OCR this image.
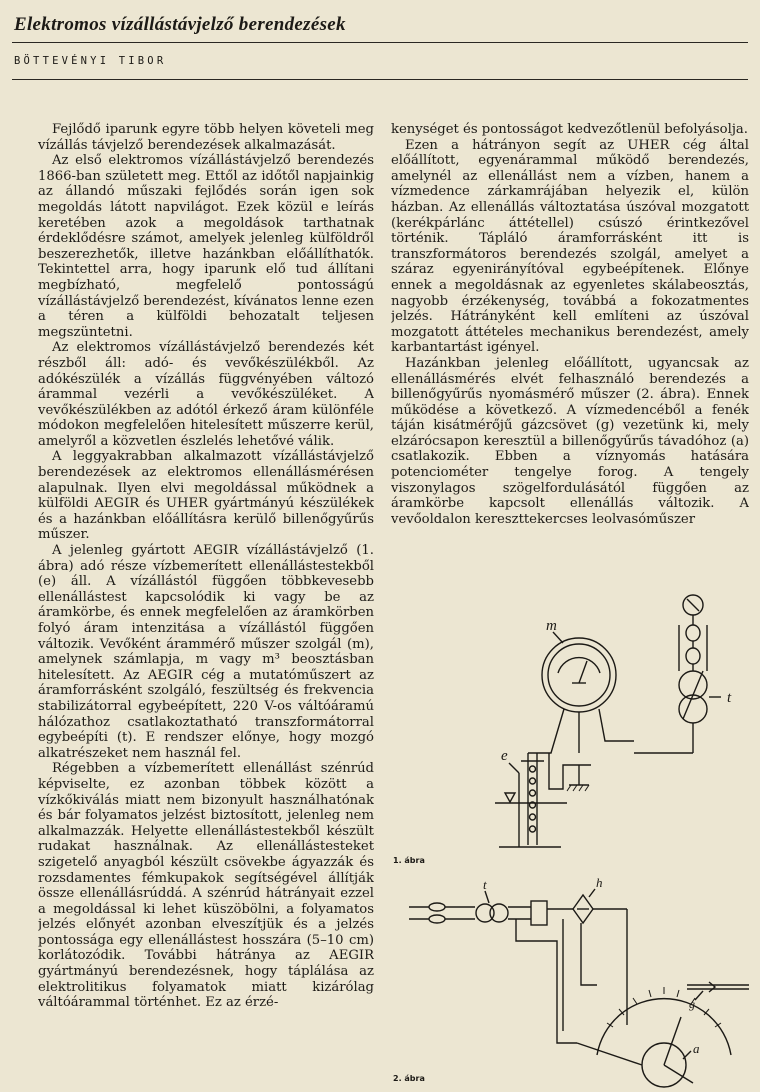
Elektromos vízállástávjelző berendezések
BÖTTEVÉNYI TIBOR

Fejlődő iparunk egyre több helyen követeli meg vízállás távjelző berendezések alkalmazását.

Az első elektromos vízállástávjelző berendezés 1866-ban született meg. Ettől az időtől napjainkig az állandó műszaki fejlődés során igen sok megoldás látott napvilágot. Ezek közül e leírás keretében azok a megoldások tarthatnak érdeklődésre számot, amelyek jelenleg külföldről beszerezhetők, illetve hazánkban előállíthatók. Tekintettel arra, hogy iparunk elő tud állítani megbízható, megfelelő pontosságú vízállástávjelző berendezést, kívánatos lenne ezen a téren a külföldi behozatalt teljesen megszüntetni.

Az elektromos vízállástávjelző berendezés két részből áll: adó- és vevőkészülékből. Az adókészülék a vízállás függvényében változó árammal vezérli a vevőkészüléket. A vevőkészülékben az adótól érkező áram különféle módokon megfelelően hitelesített műszerre kerül, amelyről a közvetlen észlelés lehetővé válik.

A leggyakrabban alkalmazott vízállástávjelző berendezések az elektromos ellenállásmérésen alapulnak. Ilyen elvi megoldással működnek a külföldi AEGIR és UHER gyártmányú készülékek és a hazánkban előállításra kerülő billenőgyűrűs műszer.

A jelenleg gyártott AEGIR vízállástávjelző (1. ábra) adó része vízbemerített ellenállástestekből (e) áll. A vízállástól függően többkevesebb ellenállástest kapcsolódik ki vagy be az áramkörbe, és ennek megfelelően az áramkörben folyó áram intenzitása a vízállástól függően változik. Vevőként árammérő műszer szolgál (m), amelynek számlapja, m vagy m³ beosztásban hitelesített. Az AEGIR cég a mutatóműszert az áramforrásként szolgáló, feszültség és frekvencia stabilizátorral egybeépített, 220 V-os váltóáramú hálózathoz csatlakoztatható transzformátorral egybeépíti (t). E rendszer előnye, hogy mozgó alkatrészeket nem használ fel.

Régebben a vízbemerített ellenállást szénrúd képviselte, ez azonban többek között a vízkőkiválás miatt nem bizonyult használhatónak és bár folyamatos jelzést biztosított, jelenleg nem alkalmazzák. Helyette ellenállástestekből készült rudakat használnak. Az ellenállástesteket szigetelő anyagból készült csövekbe ágyazzák és rozsdamentes fémkupakok segítségével állítják össze ellenállásrúddá. A szénrúd hátrányait ezzel a megoldással ki lehet küszöbölni, a folyamatos jelzés előnyét azonban elveszítjük és a jelzés pontossága egy ellenállástest hosszára (5–10 cm) korlátozódik. További hátránya az AEGIR gyártmányú berendezésnek, hogy táplálása az elektrolitikus folyamatok miatt kizárólag váltóárammal történhet. Ez az érzé-

kenységet és pontosságot kedvezőtlenül befolyásolja.

Ezen a hátrányon segít az UHER cég által előállított, egyenárammal működő berendezés, amelynél az ellenállást nem a vízben, hanem a vízmedence zárkamrájában helyezik el, külön házban. Az ellenállás változtatása úszóval mozgatott (kerékpárlánc áttétellel) csúszó érintkezővel történik. Tápláló áramforrásként itt is transzformátoros berendezés szolgál, amelyet a száraz egyenirányítóval egybeépítenek. Előnye ennek a megoldásnak az egyenletes skálabeosztás, nagyobb érzékenység, továbbá a fokozatmentes jelzés. Hátrányként kell említeni az úszóval mozgatott áttételes mechanikus berendezést, amely karbantartást igényel.

Hazánkban jelenleg előállított, ugyancsak az ellenállásmérés elvét felhasználó berendezés a billenőgyűrűs nyomásmérő műszer (2. ábra). Ennek működése a következő. A vízmedencéből a fenék táján kisátmérőjű gázcsövet (g) vezetünk ki, mely elzárócsapon keresztül a billenőgyűrűs távadóhoz (a) csatlakozik. Ebben a víznyomás hatására potenciométer tengelye forog. A tengely viszonylagos szögelfordulásától függően az áramkörbe kapcsolt ellenállás változik. A vevőoldalon kereszttekercses leolvasóműszer

m
t
e
1. ábra
t	h
g
a
2. ábra
